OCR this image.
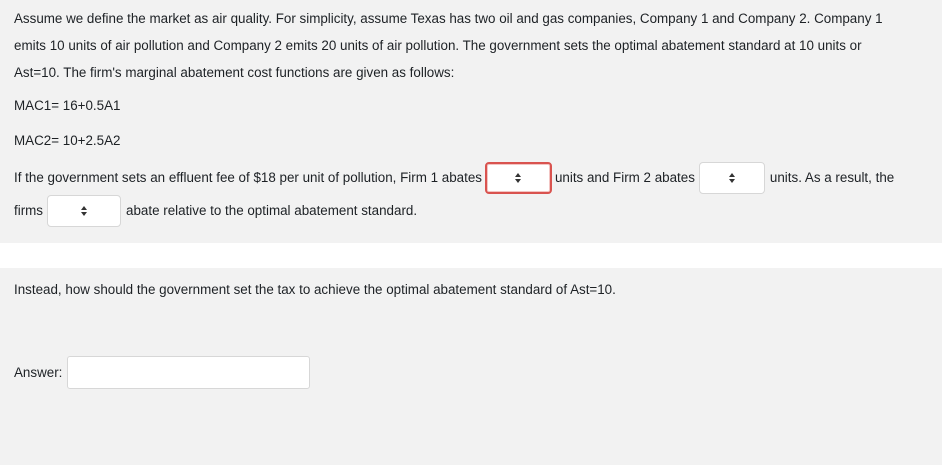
Assume we define the market as air quality. For simplicity, assume Texas has two oil and gas companies, Company 1 and Company 2. Company 1
emits 10 units of air pollution and Company 2 emits 20 units of air pollution. The government sets the optimal abatement standard at 10 units or
Ast=10. The firm's marginal abatement cost functions are given as follows:
MAC1= 16+0.5A1
MAC2= 10+2.5A2
If the government sets an effluent fee of $18 per unit of pollution, Firm 1 abates	units and Firm 2 abates	units. As a result, the
firms	abate relative to the optimal abatement standard.
Instead, how should the government set the tax to achieve the optimal abatement standard of Ast=10.
Answer:
